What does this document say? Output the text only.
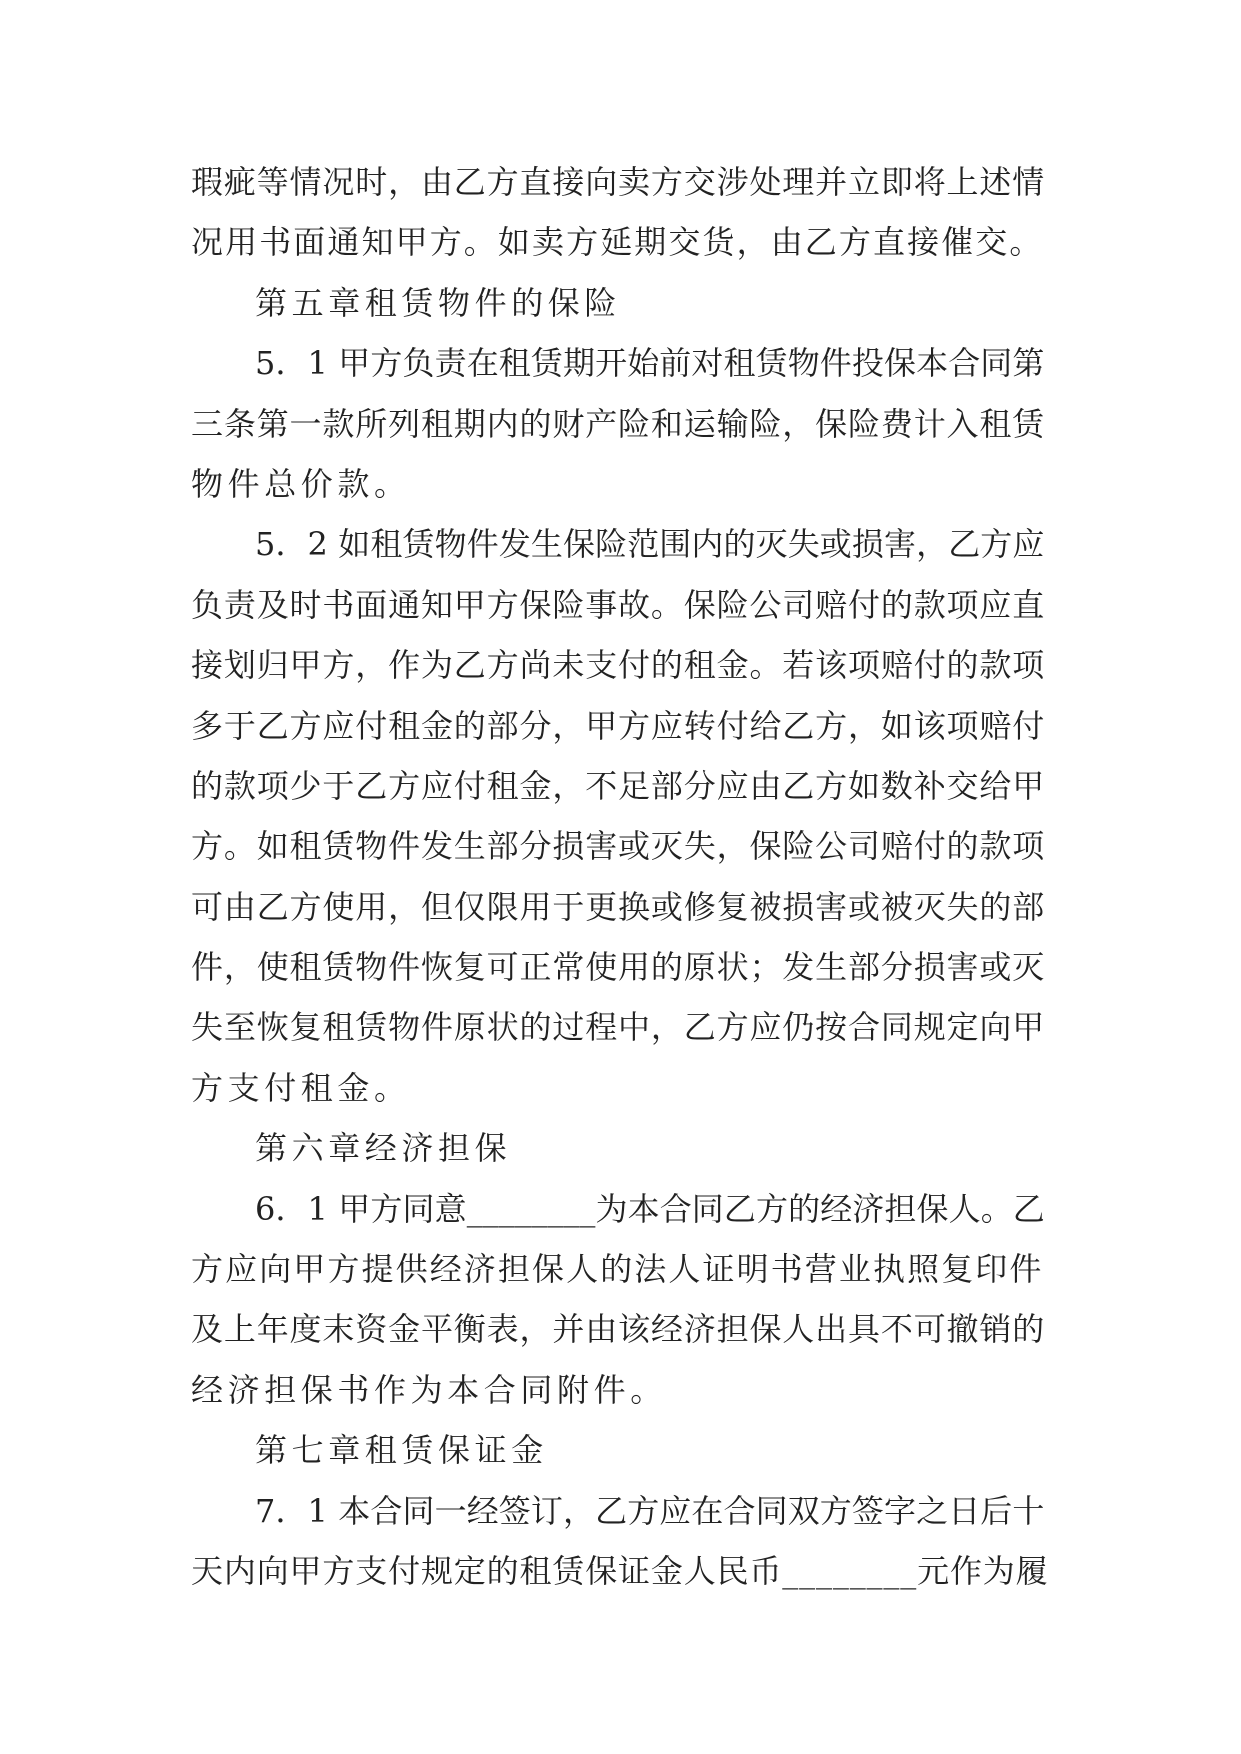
瑕疵等情况时，由乙方直接向卖方交涉处理并立即将上述情
况用书面通知甲方。如卖方延期交货，由乙方直接催交。
第五章租赁物件的保险
5．1 甲方负责在租赁期开始前对租赁物件投保本合同第
三条第一款所列租期内的财产险和运输险，保险费计入租赁
物件总价款。
5．2 如租赁物件发生保险范围内的灭失或损害，乙方应
负责及时书面通知甲方保险事故。保险公司赔付的款项应直
接划归甲方，作为乙方尚未支付的租金。若该项赔付的款项
多于乙方应付租金的部分，甲方应转付给乙方，如该项赔付
的款项少于乙方应付租金，不足部分应由乙方如数补交给甲
方。如租赁物件发生部分损害或灭失，保险公司赔付的款项
可由乙方使用，但仅限用于更换或修复被损害或被灭失的部
件，使租赁物件恢复可正常使用的原状；发生部分损害或灭
失至恢复租赁物件原状的过程中，乙方应仍按合同规定向甲
方支付租金。
第六章经济担保
6．1 甲方同意________为本合同乙方的经济担保人。乙
方应向甲方提供经济担保人的法人证明书营业执照复印件
及上年度末资金平衡表，并由该经济担保人出具不可撤销的
经济担保书作为本合同附件。
第七章租赁保证金
7．1 本合同一经签订，乙方应在合同双方签字之日后十
天内向甲方支付规定的租赁保证金人民币________元作为履
